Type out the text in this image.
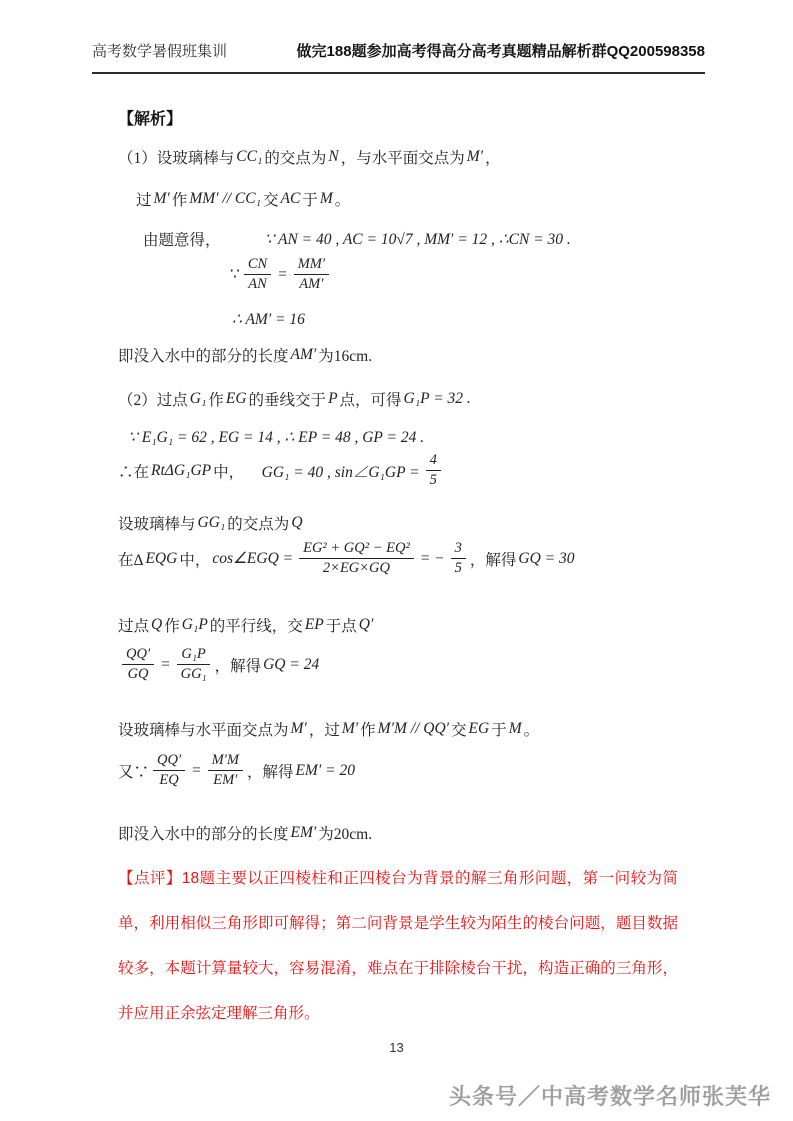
高考数学暑假班集训	做完188题参加高考得高分高考真题精品解析群QQ200598358
【解析】
（1）设玻璃棒与 CC₁ 的交点为 N ，与水平面交点为 M′ ，
过 M′ 作 MM′ // CC₁ 交 AC 于 M 。
由题意得，	∵ AN = 40 , AC = 10√7 , MM′ = 12 , ∴CN = 30 .
∵ $\frac{CN}{AN} = \frac{MM'}{AM'}$
∴ AM′ = 16
即没入水中的部分的长度 AM′ 为16cm.
（2）过点 G₁ 作 EG 的垂线交于 P 点，可得 G₁P = 32 .
∵ E₁G₁ = 62 , EG = 14 , ∴ EP = 48 , GP = 24 .
∴在 RtΔG₁GP 中， 　GG₁ = 40 , sin∠G₁GP = $\frac{4}{5}$
设玻璃棒与 GG₁ 的交点为 Q
在Δ EQG 中， cos∠EGQ = $\frac{\text{EG² + GQ² − EQ²}}{2\times EG\times GQ}$ = − $\frac{3}{5}$ ，解得 GQ = 30
过点 Q 作 G₁P 的平行线，交 EP 于点 Q′
$\frac{QQ'}{GQ} = \frac{\text{G₁P}}{\text{GG₁}}$ ，解得 GQ = 24
设玻璃棒与水平面交点为 M′ ，过 M′ 作 M′M // QQ′ 交 EG 于 M 。
又∵ $\frac{QQ'}{EQ} = \frac{M'M}{EM'}$ ，解得 EM′ = 20
即没入水中的部分的长度 EM′ 为20cm.
【点评】18题主要以正四棱柱和正四棱台为背景的解三角形问题，第一问较为简单，利用相似三角形即可解得；第二问背景是学生较为陌生的棱台问题，题目数据较多，本题计算量较大，容易混淆，难点在于排除棱台干扰，构造正确的三角形，并应用正余弦定理解三角形。
13
头条号／中高考数学名师张芙华
